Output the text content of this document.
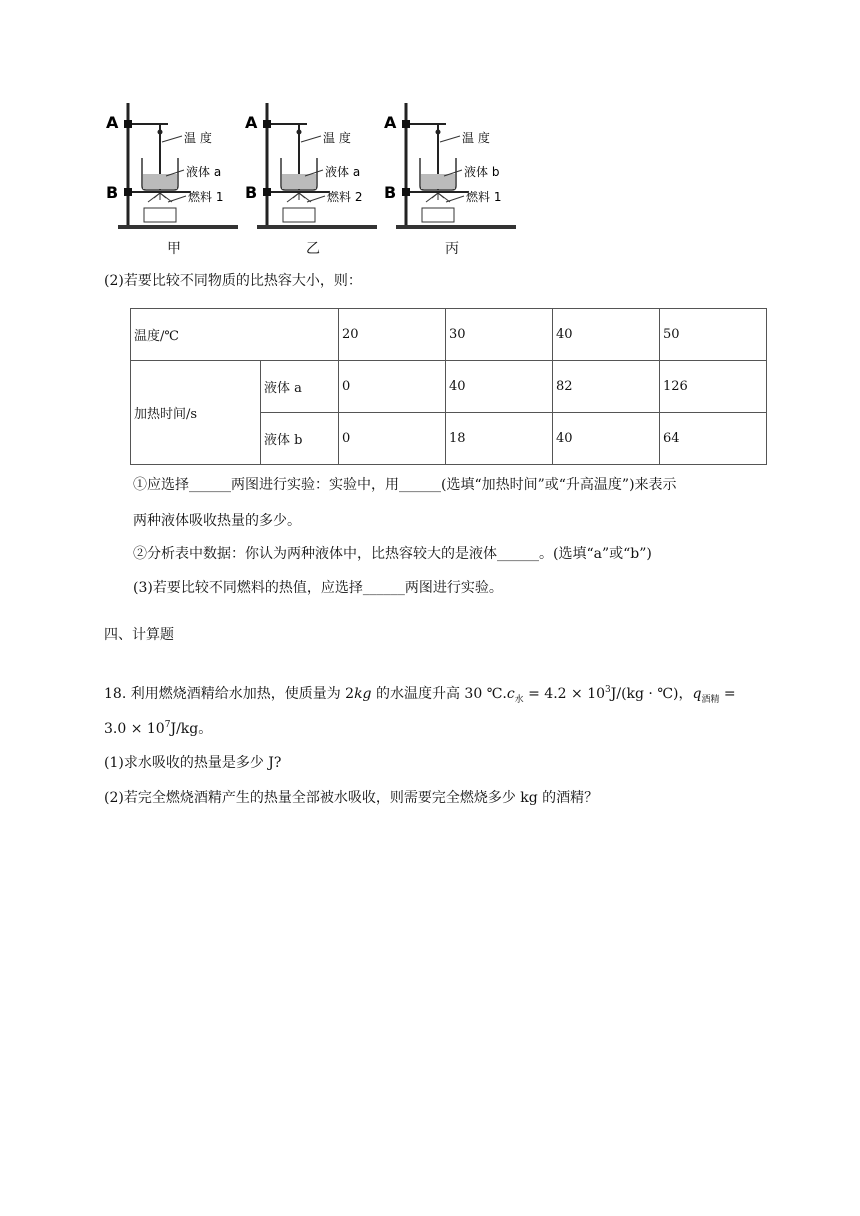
A
B
温 度
液体 a
燃料 1
甲
A
B
温 度
液体 a
燃料 2
乙
A
B
温 度
液体 b
燃料 1
丙
(2)若要比较不同物质的比热容大小，则：
温度/℃		20	30	40	50
加热时间/s	液体 a	0	40	82	126
	液体 b	0	18	40	64
①应选择______两图进行实验：实验中，用______(选填“加热时间”或“升高温度”)来表示
两种液体吸收热量的多少。
②分析表中数据：你认为两种液体中，比热容较大的是液体______。(选填“a”或“b”)
(3)若要比较不同燃料的热值，应选择______两图进行实验。
四、计算题
18. 利用燃烧酒精给水加热，使质量为 2kg 的水温度升高 30 $℃.c_水 = 4.2 \times 10^3J/(kg$ · ℃)，$q_{酒精}$ =
$3.0 \times 10^7J/kg$。
(1)求水吸收的热量是多少 J?
(2)若完全燃烧酒精产生的热量全部被水吸收，则需要完全燃烧多少 kg 的酒精？
